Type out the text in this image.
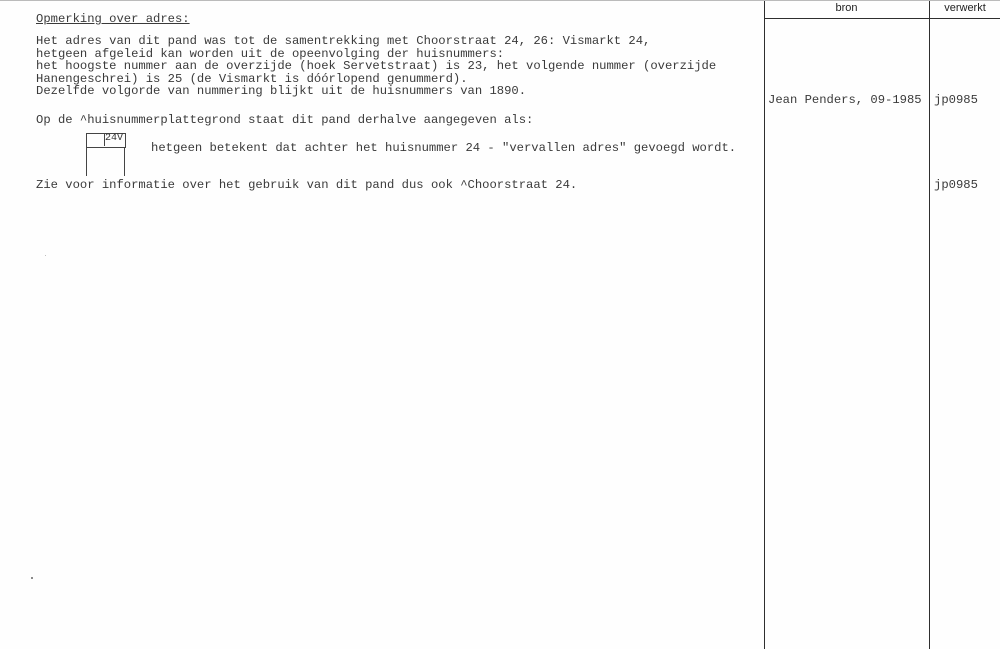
bron	verwerkt
Opmerking over adres:
Het adres van dit pand was tot de samentrekking met Choorstraat 24, 26: Vismarkt 24,
hetgeen afgeleid kan worden uit de opeenvolging der huisnummers:
het hoogste nummer aan de overzijde (hoek Servetstraat) is 23, het volgende nummer (overzijde
Hanengeschrei) is 25 (de Vismarkt is dóórlopend genummerd).
Dezelfde volgorde van nummering blijkt uit de huisnummers van 1890.
Jean Penders, 09-1985 jp0985
Op de ^huisnummerplattegrond staat dit pand derhalve aangegeven als:
24V
hetgeen betekent dat achter het huisnummer 24 - "vervallen adres" gevoegd wordt.
Zie voor informatie over het gebruik van dit pand dus ook ^Choorstraat 24.	jp0985
